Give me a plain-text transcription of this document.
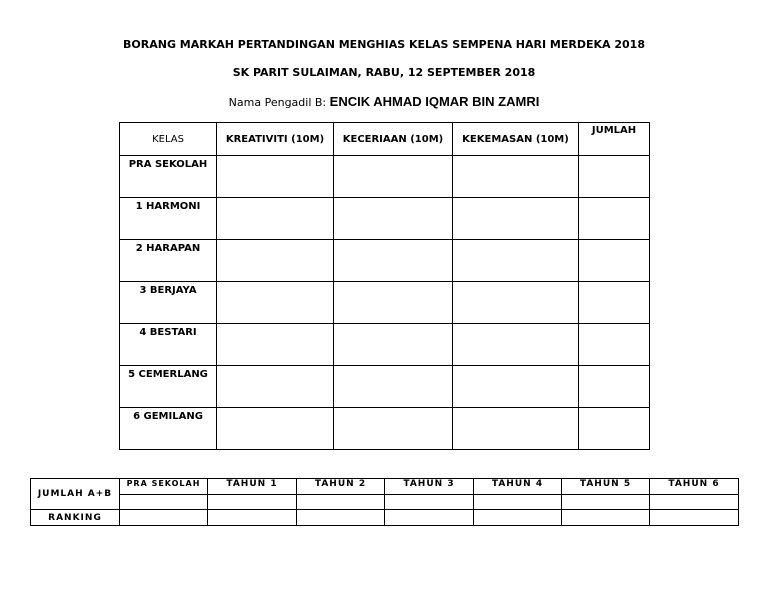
BORANG MARKAH PERTANDINGAN MENGHIAS KELAS SEMPENA HARI MERDEKA 2018
SK PARIT SULAIMAN, RABU, 12 SEPTEMBER 2018
Nama Pengadil B: ENCIK AHMAD IQMAR BIN ZAMRI
KELAS	KREATIVITI (10M)	KECERIAAN (10M)	KEKEMASAN (10M)	JUMLAH
PRA SEKOLAH				
1 HARMONI				
2 HARAPAN				
3 BERJAYA				
4 BESTARI				
5 CEMERLANG				
6 GEMILANG				
JUMLAH A+B	PRA SEKOLAH	TAHUN 1	TAHUN 2	TAHUN 3	TAHUN 4	TAHUN 5	TAHUN 6

RANKING							
